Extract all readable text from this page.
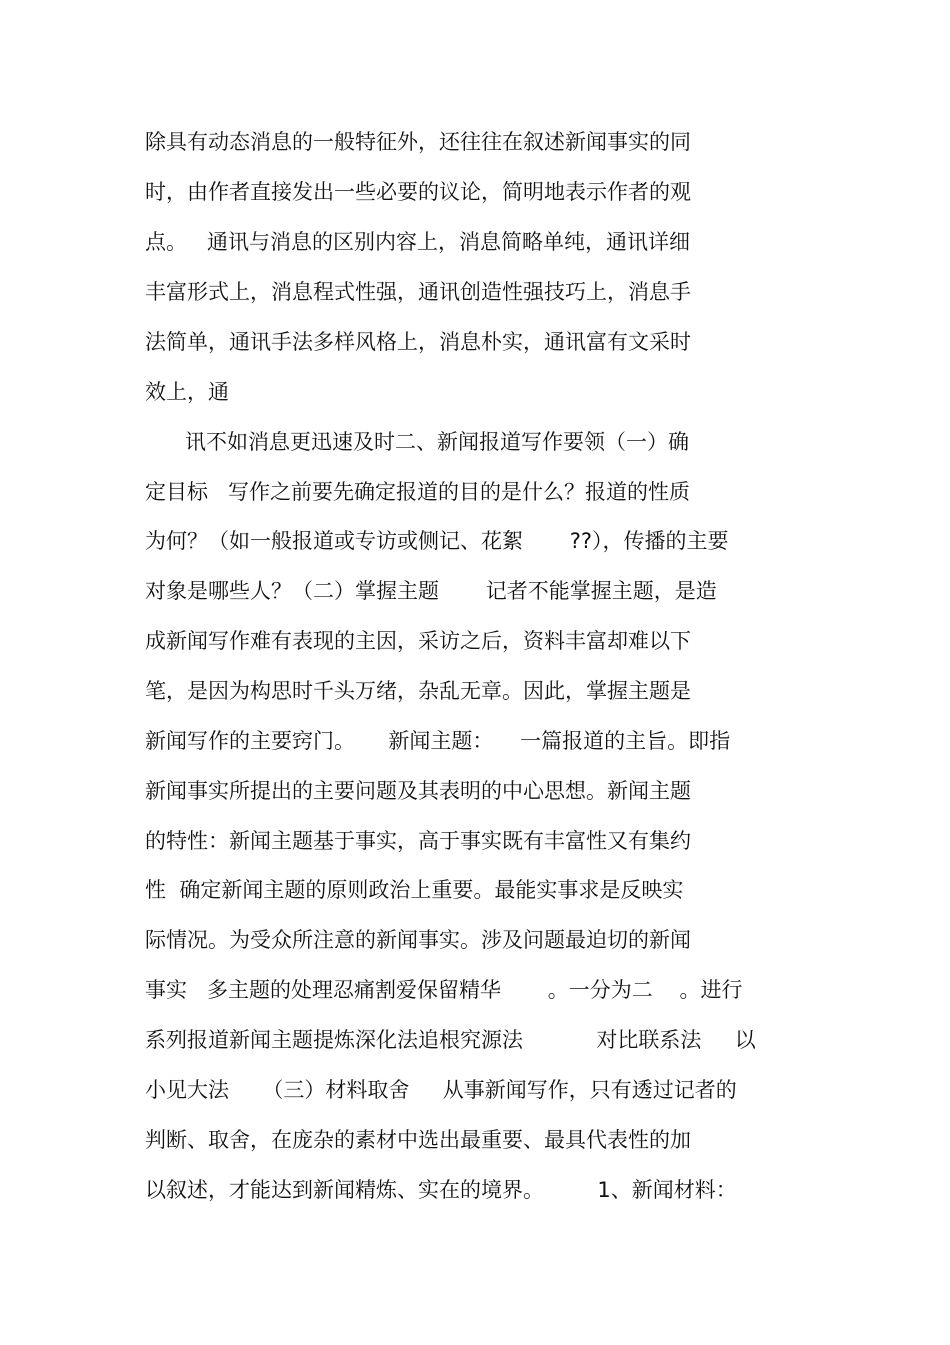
除具有动态消息的一般特征外，还往往在叙述新闻事实的同
时，由作者直接发出一些必要的议论，简明地表示作者的观
点。   通讯与消息的区别内容上，消息简略单纯，通讯详细
丰富形式上，消息程式性强，通讯创造性强技巧上，消息手
法简单，通讯手法多样风格上，消息朴实，通讯富有文采时
效上，通
讯不如消息更迅速及时二、新闻报道写作要领（一）确
定目标   写作之前要先确定报道的目的是什么？报道的性质
为何？（如一般报道或专访或侧记、花絮       ??），传播的主要
对象是哪些人？（二）掌握主题       记者不能掌握主题，是造
成新闻写作难有表现的主因，采访之后，资料丰富却难以下
笔，是因为构思时千头万绪，杂乱无章。因此，掌握主题是
新闻写作的主要窍门。     新闻主题：    一篇报道的主旨。即指
新闻事实所提出的主要问题及其表明的中心思想。新闻主题
的特性：新闻主题基于事实，高于事实既有丰富性又有集约
性  确定新闻主题的原则政治上重要。最能实事求是反映实
际情况。为受众所注意的新闻事实。涉及问题最迫切的新闻
事实   多主题的处理忍痛割爱保留精华       。一分为二    。进行
系列报道新闻主题提炼深化法追根究源法           对比联系法     以
小见大法     （三）材料取舍     从事新闻写作，只有透过记者的
判断、取舍，在庞杂的素材中选出最重要、最具代表性的加
以叙述，才能达到新闻精炼、实在的境界。        1、新闻材料：
